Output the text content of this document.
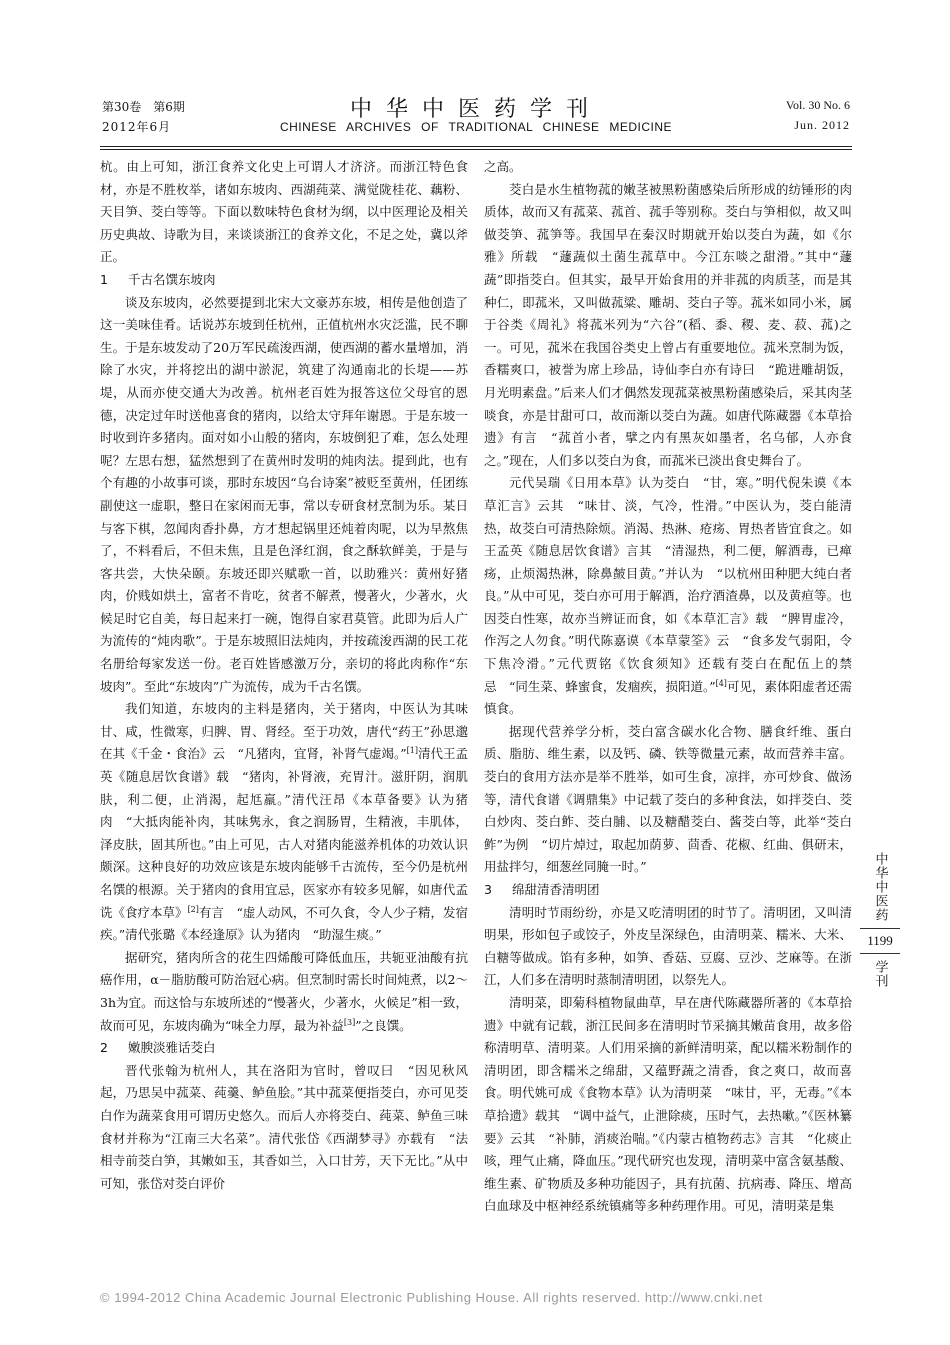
第30卷　第6期
2012年6月
中华中医药学刊
CHINESE ARCHIVES OF TRADITIONAL CHINESE MEDICINE
Vol. 30 No. 6
Jun. 2012

杭。由上可知，浙江食养文化史上可谓人才济济。而浙江特色食材，亦是不胜枚举，诸如东坡肉、西湖莼菜、满觉陇桂花、藕粉、天目笋、茭白等等。下面以数味特色食材为纲，以中医理论及相关历史典故、诗歌为目，来谈谈浙江的食养文化，不足之处，冀以斧正。

1 千古名馔东坡肉

谈及东坡肉，必然要提到北宋大文豪苏东坡，相传是他创造了这一美味佳肴。话说苏东坡到任杭州，正值杭州水灾泛滥，民不聊生。于是东坡发动了20万军民疏浚西湖，使西湖的蓄水量增加，消除了水灾，并将挖出的湖中淤泥，筑建了沟通南北的长堤——苏堤，从而亦使交通大为改善。杭州老百姓为报答这位父母官的恩德，决定过年时送他喜食的猪肉，以给太守拜年谢恩。于是东坡一时收到许多猪肉。面对如小山般的猪肉，东坡倒犯了难，怎么处理呢？左思右想，猛然想到了在黄州时发明的炖肉法。提到此，也有个有趣的小故事可谈，那时东坡因“乌台诗案”被贬至黄州，任团练副使这一虚职，整日在家闲而无事，常以专研食材烹制为乐。某日与客下棋，忽闻肉香扑鼻，方才想起锅里还炖着肉呢，以为早熬焦了，不料看后，不但未焦，且是色泽红润，食之酥软鲜美，于是与客共尝，大快朵颐。东坡还即兴赋歌一首，以助雅兴：黄州好猪肉，价贱如烘土，富者不肯吃，贫者不解煮，慢著火，少著水，火候足时它自美，每日起来打一碗，饱得自家君莫管。此即为后人广为流传的“炖肉歌”。于是东坡照旧法炖肉，并按疏浚西湖的民工花名册给每家发送一份。老百姓皆感激万分，亲切的将此肉称作“东坡肉”。至此“东坡肉”广为流传，成为千古名馔。

我们知道，东坡肉的主料是猪肉，关于猪肉，中医认为其味甘、咸，性微寒，归脾、胃、肾经。至于功效，唐代“药王”孙思邈在其《千金・食治》云　“凡猪肉，宜肾，补肾气虚竭。”[1]清代王孟英《随息居饮食谱》载　“猪肉，补肾液，充胃汁。滋肝阴，润肌肤，利二便，止消渴，起尪羸。”清代汪昂《本草备要》认为猪肉　“大抵肉能补肉，其味隽永，食之润肠胃，生精液，丰肌体，泽皮肤，固其所也。”由上可见，古人对猪肉能滋养机体的功效认识颇深。这种良好的功效应该是东坡肉能够千古流传，至今仍是杭州名馔的根源。关于猪肉的食用宜忌，医家亦有较多见解，如唐代孟诜《食疗本草》[2]有言　“虚人动风，不可久食，令人少子精，发宿疾。”清代张璐《本经逢原》认为猪肉　“助湿生痰。”

据研究，猪肉所含的花生四烯酸可降低血压，共轭亚油酸有抗癌作用，α－脂肪酸可防治冠心病。但烹制时需长时间炖煮，以2～3h为宜。而这恰与东坡所述的“慢著火，少著水，火候足”相一致，故而可见，东坡肉确为“味全力厚，最为补益[3]”之良馔。

2 嫩腴淡雅话茭白

晋代张翰为杭州人，其在洛阳为官时，曾叹曰　“因见秋风起，乃思吴中菰菜、莼羹、鲈鱼脍。”其中菰菜便指茭白，亦可见茭白作为蔬菜食用可谓历史悠久。而后人亦将茭白、莼菜、鲈鱼三味食材并称为“江南三大名菜”。清代张岱《西湖梦寻》亦载有　“法相寺前茭白笋，其嫩如玉，其香如兰，入口甘芳，天下无比。”从中可知，张岱对茭白评价

之高。

茭白是水生植物菰的嫩茎被黑粉菌感染后所形成的纺锤形的肉质体，故而又有菰菜、菰首、菰手等别称。茭白与笋相似，故又叫做茭笋、菰笋等。我国早在秦汉时期就开始以茭白为蔬，如《尔雅》所载　“蘧蔬似土菌生菰草中。今江东啖之甜滑。”其中“蘧蔬”即指茭白。但其实，最早开始食用的并非菰的肉质茎，而是其种仁，即菰米，又叫做菰粱、雕胡、茭白子等。菰米如同小米，属于谷类《周礼》将菰米列为“六谷”(稻、黍、稷、麦、菽、菰)之一。可见，菰米在我国谷类史上曾占有重要地位。菰米烹制为饭，香糯爽口，被誉为席上珍品，诗仙李白亦有诗曰　“跪进雕胡饭，月光明素盘。”后来人们才偶然发现菰菜被黑粉菌感染后，采其肉茎啖食，亦是甘甜可口，故而渐以茭白为蔬。如唐代陈藏器《本草拾遗》有言　“菰首小者，擘之内有黑灰如墨者，名乌郁，人亦食之。”现在，人们多以茭白为食，而菰米已淡出食史舞台了。

元代吴瑞《日用本草》认为茭白　“甘，寒。”明代倪朱谟《本草汇言》云其　“味甘、淡，气冷，性滑。”中医认为，茭白能清热，故茭白可清热除烦。消渴、热淋、疮疡、胃热者皆宜食之。如王孟英《随息居饮食谱》言其　“清湿热，利二便，解酒毒，已瘅疡，止烦渴热淋，除鼻皶目黄。”并认为　“以杭州田种肥大纯白者良。”从中可见，茭白亦可用于解酒，治疗酒渣鼻，以及黄疸等。也因茭白性寒，故亦当辨证而食，如《本草汇言》载　“脾胃虚冷，作泻之人勿食。”明代陈嘉谟《本草蒙筌》云　“食多发气弱阳，令下焦冷滑。”元代贾铭《饮食须知》还载有茭白在配伍上的禁忌　“同生菜、蜂蜜食，发痼疾，损阳道。”[4]可见，素体阳虚者还需慎食。

据现代营养学分析，茭白富含碳水化合物、膳食纤维、蛋白质、脂肪、维生素，以及钙、磷、铁等微量元素，故而营养丰富。茭白的食用方法亦是举不胜举，如可生食，凉拌，亦可炒食、做汤等，清代食谱《调鼎集》中记载了茭白的多种食法，如拌茭白、茭白炒肉、茭白鲊、茭白脯、以及糖醋茭白、酱茭白等，此举“茭白鲊”为例　“切片焯过，取起加荫萝、茴香、花椒、红曲、俱研末，用盐拌匀，细葱丝同腌一时。”

3 绵甜清香清明团

清明时节雨纷纷，亦是又吃清明团的时节了。清明团，又叫清明果，形如包子或饺子，外皮呈深绿色，由清明菜、糯米、大米、白糖等做成。馅有多种，如笋、香菇、豆腐、豆沙、芝麻等。在浙江，人们多在清明时蒸制清明团，以祭先人。

清明菜，即菊科植物鼠曲草，早在唐代陈藏器所著的《本草拾遗》中就有记载，浙江民间多在清明时节采摘其嫩苗食用，故多俗称清明草、清明菜。人们用采摘的新鲜清明菜，配以糯米粉制作的清明团，即含糯米之绵甜，又蕴野蔬之清香，食之爽口，故而喜食。明代姚可成《食物本草》认为清明菜　“味甘，平，无毒。”《本草拾遗》载其　“调中益气，止泄除痰，压时气，去热嗽。”《医林纂要》云其　“补肺，消痰治喘。”《内蒙古植物药志》言其　“化痰止咳，理气止痛，降血压。”现代研究也发现，清明菜中富含氨基酸、维生素、矿物质及多种功能因子，具有抗菌、抗病毒、降压、增高白血球及中枢神经系统镇痛等多种药理作用。可见，清明菜是集

中华中医药
1199
学刊
© 1994-2012 China Academic Journal Electronic Publishing House. All rights reserved. http://www.cnki.net
